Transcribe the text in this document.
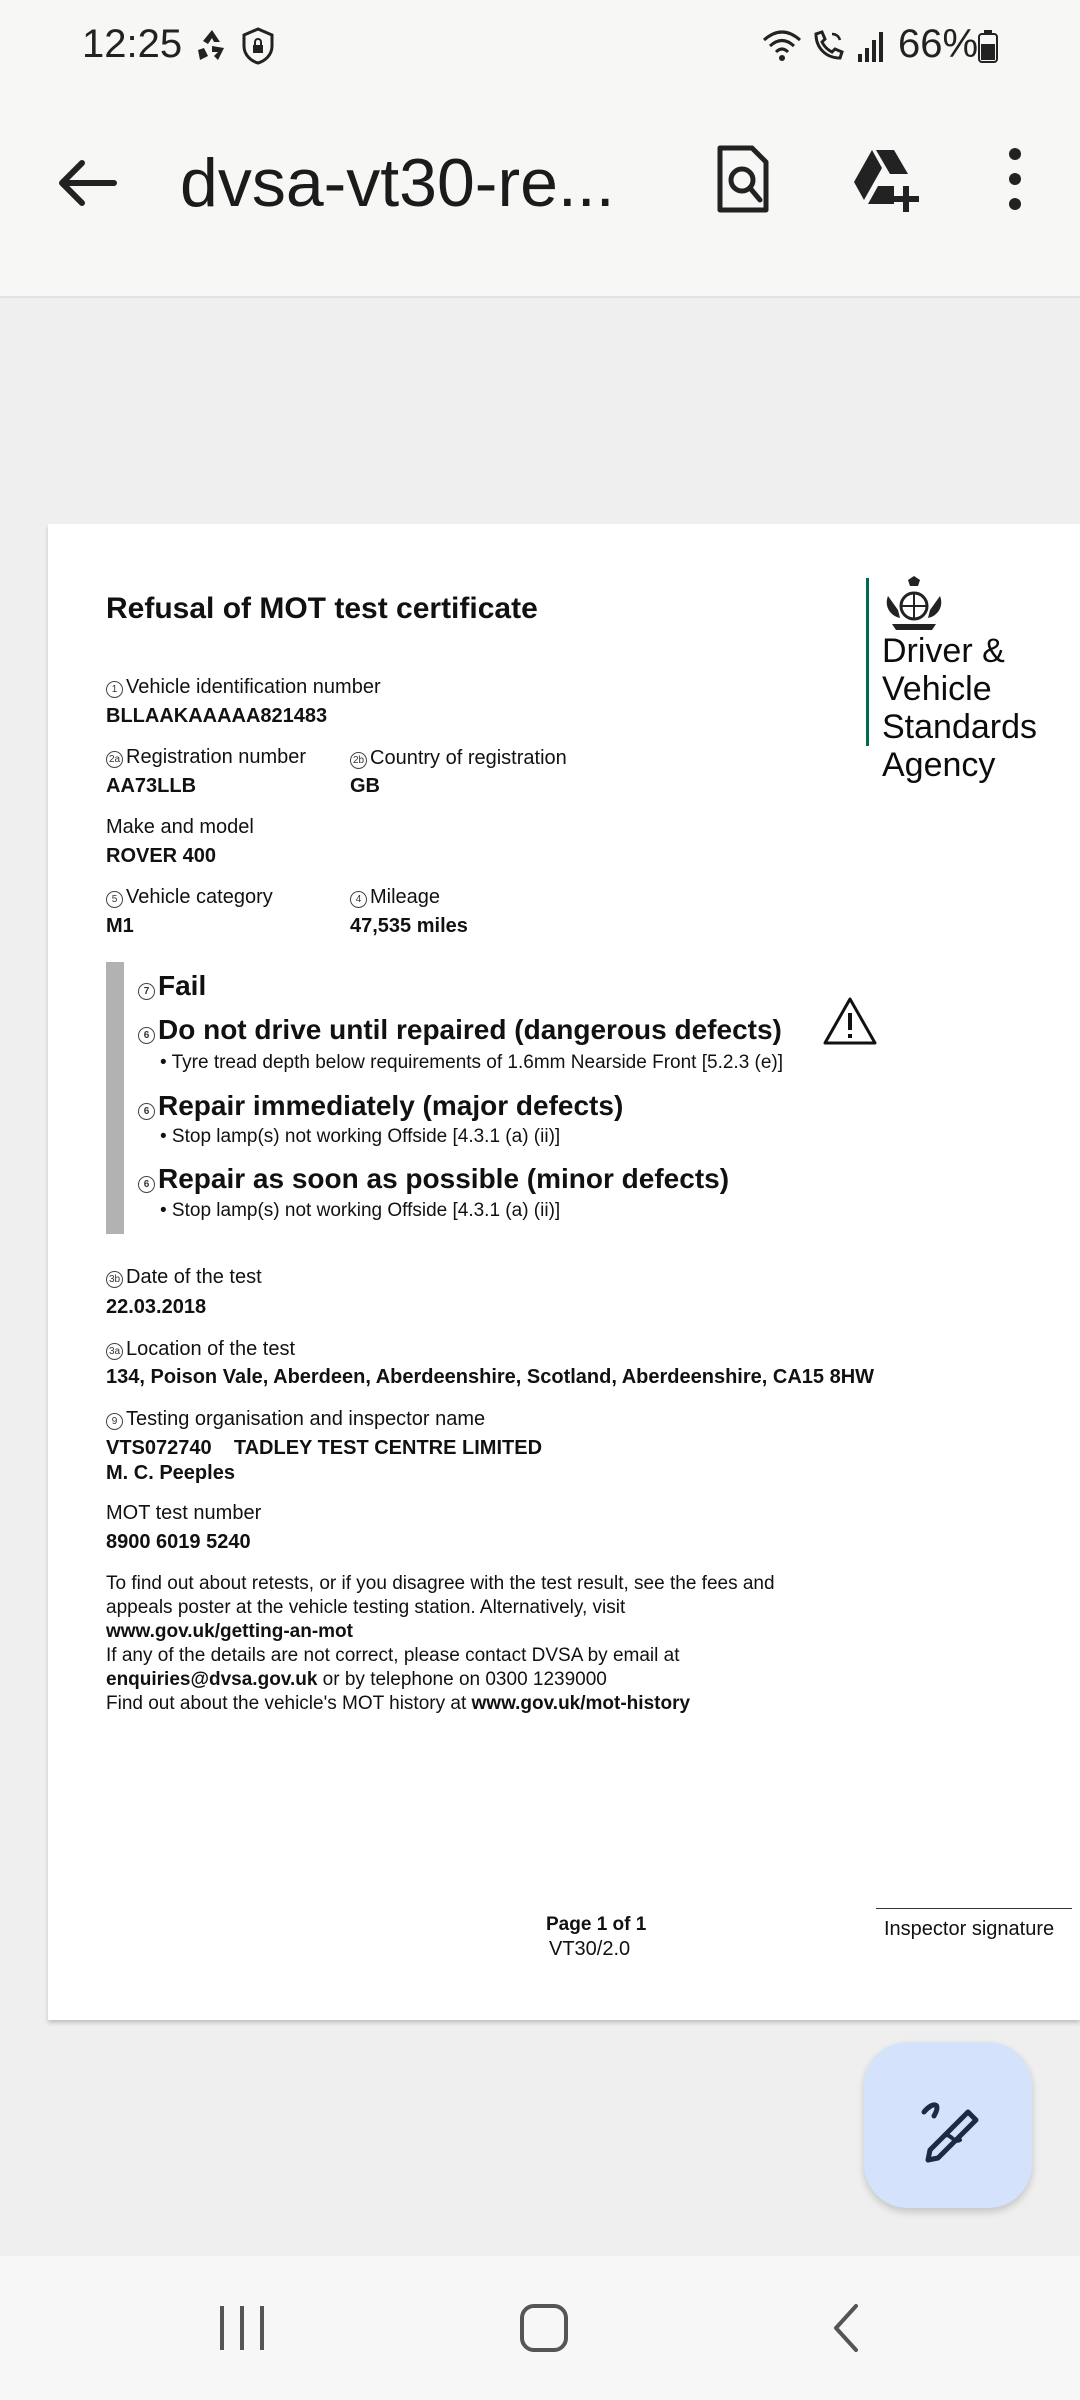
12:25	66%
dvsa-vt30-re...
Refusal of MOT test certificate
1 Vehicle identification number
BLLAAKAAAAA821483
2a Registration number
AA73LLB
2b Country of registration
GB
Make and model
ROVER 400
5 Vehicle category
M1
4 Mileage
47,535 miles
Driver & Vehicle
Standards
Agency
7 Fail
6 Do not drive until repaired (dangerous defects)
• Tyre tread depth below requirements of 1.6mm Nearside Front [5.2.3 (e)]
6 Repair immediately (major defects)
• Stop lamp(s) not working Offside [4.3.1 (a) (ii)]
6 Repair as soon as possible (minor defects)
• Stop lamp(s) not working Offside [4.3.1 (a) (ii)]
3b Date of the test
22.03.2018
3a Location of the test
134, Poison Vale, Aberdeen, Aberdeenshire, Scotland, Aberdeenshire, CA15 8HW
9 Testing organisation and inspector name
VTS072740    TADLEY TEST CENTRE LIMITED
M. C. Peeples
MOT test number
8900 6019 5240
To find out about retests, or if you disagree with the test result, see the fees and appeals poster at the vehicle testing station. Alternatively, visit
www.gov.uk/getting-an-mot
If any of the details are not correct, please contact DVSA by email at
enquiries@dvsa.gov.uk or by telephone on 0300 1239000
Find out about the vehicle's MOT history at www.gov.uk/mot-history
Page 1 of 1
VT30/2.0
Inspector signature
